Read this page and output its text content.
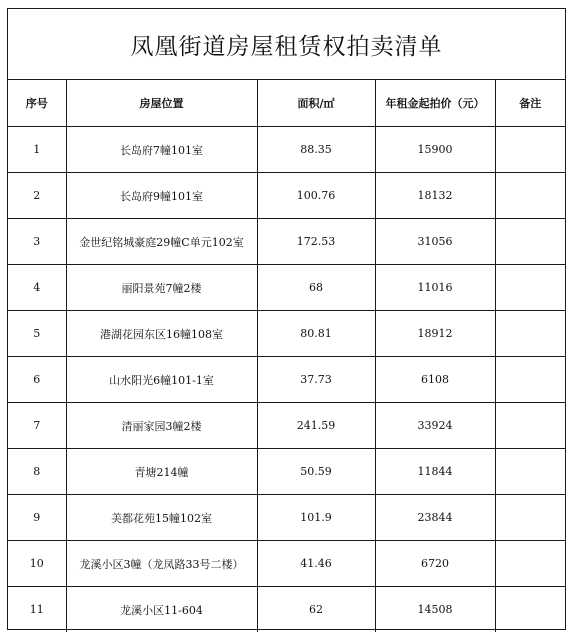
凤凰街道房屋租赁权拍卖清单
序号	房屋位置	面积/㎡	年租金起拍价（元）	备注
1	长岛府7幢101室	88.35	15900	
2	长岛府9幢101室	100.76	18132	
3	金世纪铭城豪庭29幢C单元102室	172.53	31056	
4	丽阳景苑7幢2楼	68	11016	
5	港湖花园东区16幢108室	80.81	18912	
6	山水阳光6幢101-1室	37.73	6108	
7	清丽家园3幢2楼	241.59	33924	
8	青塘214幢	50.59	11844	
9	美都花苑15幢102室	101.9	23844	
10	龙溪小区3幢（龙凤路33号二楼）	41.46	6720	
11	龙溪小区11-604	62	14508	
